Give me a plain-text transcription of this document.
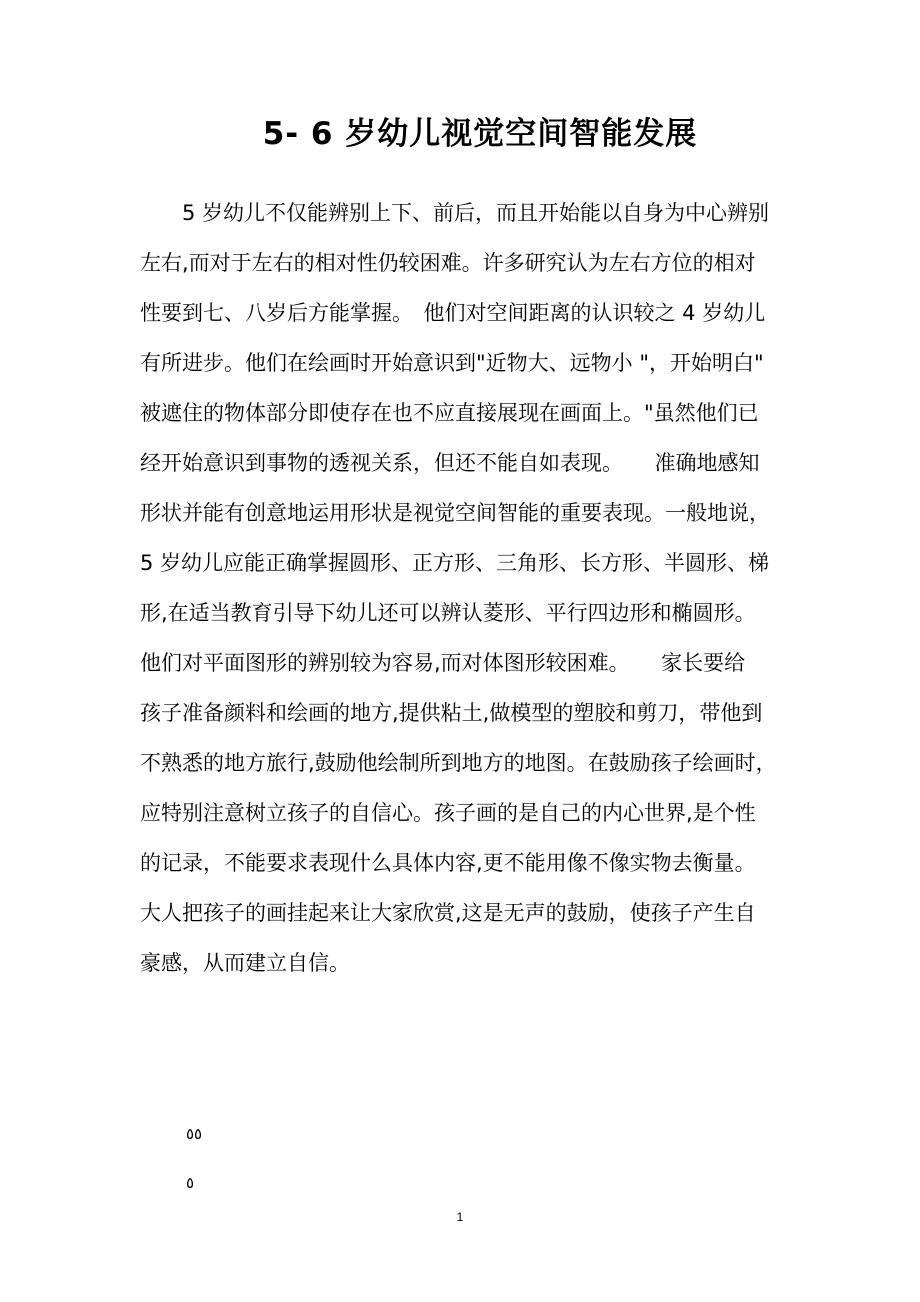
5- 6 岁幼儿视觉空间智能发展
　　5 岁幼儿不仅能辨别上下、前后，而且开始能以自身为中心辨别
左右,而对于左右的相对性仍较困难。许多研究认为左右方位的相对
性要到七、八岁后方能掌握。　他们对空间距离的认识较之 4 岁幼儿
有所进步。他们在绘画时开始意识到"近物大、远物小 "，开始明白"
被遮住的物体部分即使存在也不应直接展现在画面上。"虽然他们已
经开始意识到事物的透视关系，但还不能自如表现。　　准确地感知
形状并能有创意地运用形状是视觉空间智能的重要表现。一般地说，
5 岁幼儿应能正确掌握圆形、正方形、三角形、长方形、半圆形、梯
形,在适当教育引导下幼儿还可以辨认菱形、平行四边形和椭圆形。
他们对平面图形的辨别较为容易,而对体图形较困难。　　家长要给
孩子准备颜料和绘画的地方,提供粘土,做模型的塑胶和剪刀，带他到
不熟悉的地方旅行,鼓励他绘制所到地方的地图。在鼓励孩子绘画时，
应特别注意树立孩子的自信心。孩子画的是自己的内心世界,是个性
的记录，不能要求表现什么具体内容,更不能用像不像实物去衡量。
大人把孩子的画挂起来让大家欣赏,这是无声的鼓励，使孩子产生自
豪感，从而建立自信。
٥٥
٥
1
